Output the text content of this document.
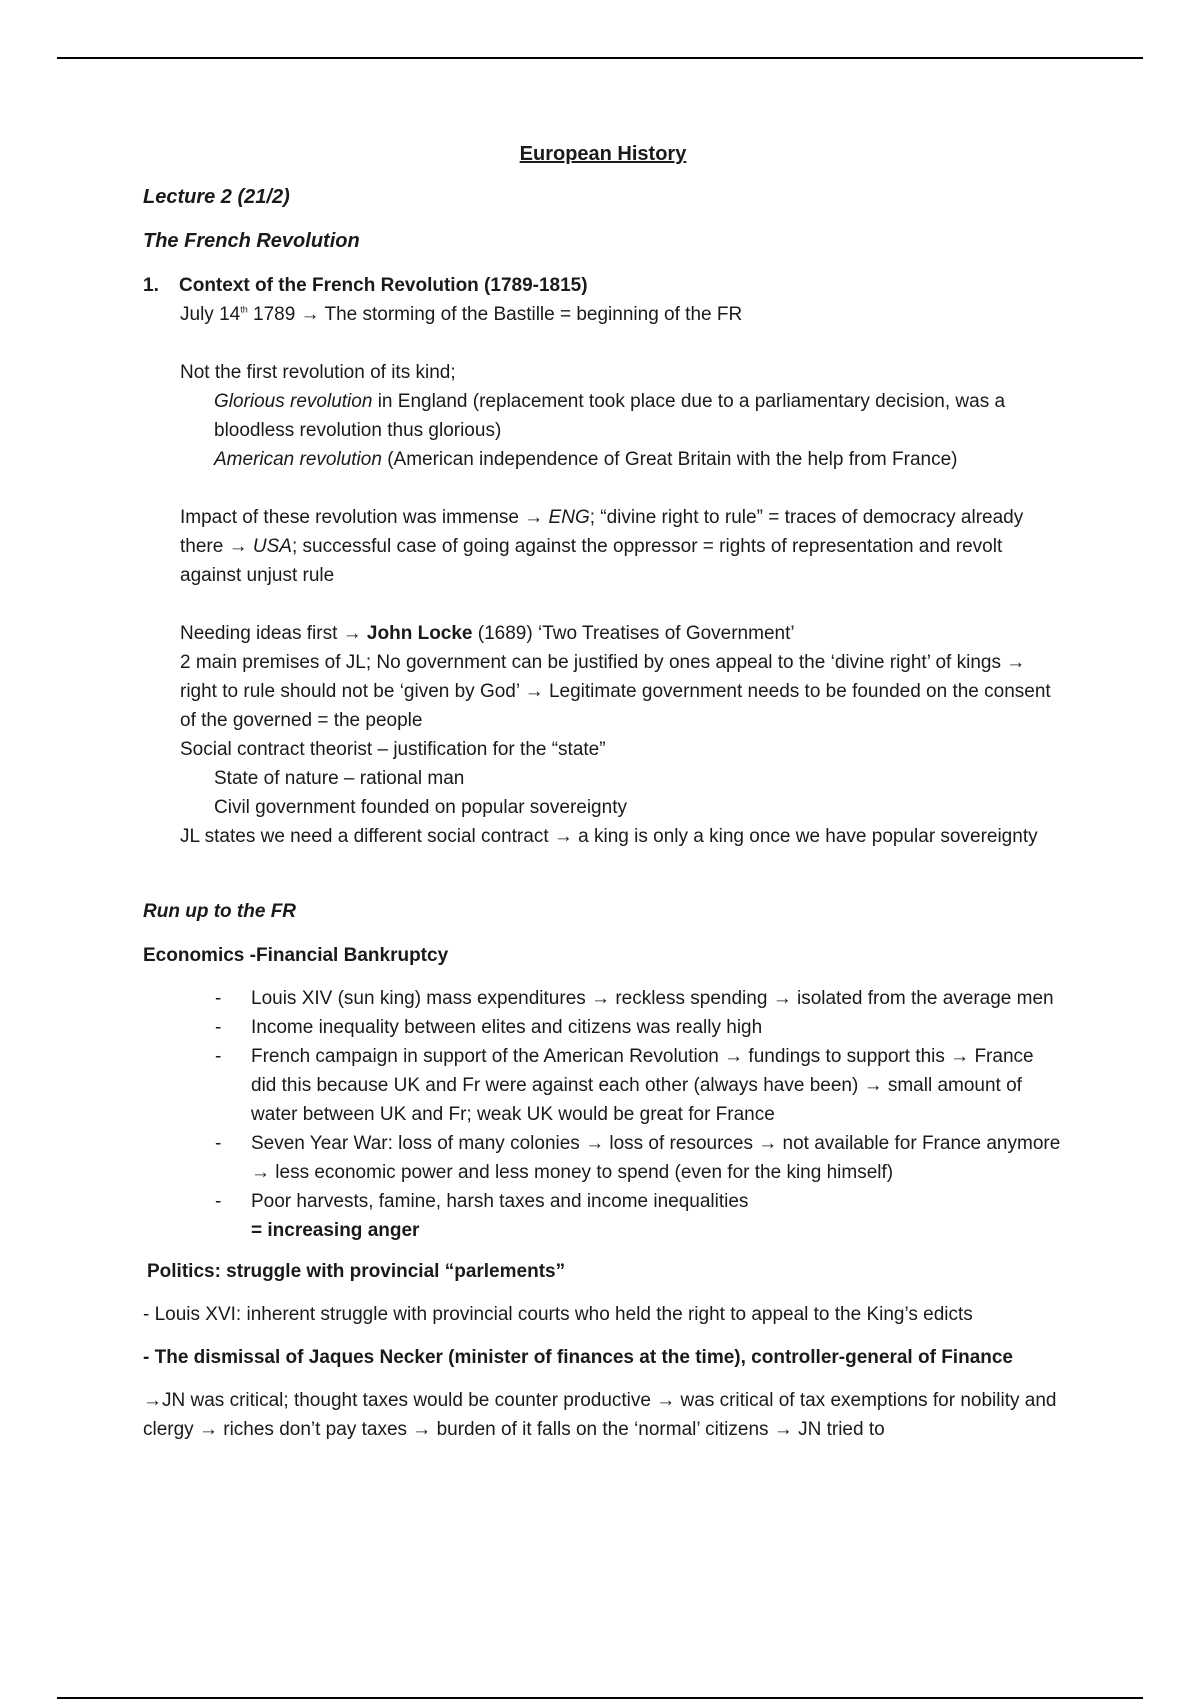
European History
Lecture 2 (21/2)
The French Revolution
1.	Context of the French Revolution (1789-1815)
July 14th 1789 → The storming of the Bastille = beginning of the FR
Not the first revolution of its kind;
Glorious revolution in England (replacement took place due to a parliamentary decision, was a bloodless revolution thus glorious)
American revolution (American independence of Great Britain with the help from France)
Impact of these revolution was immense → ENG; “divine right to rule” = traces of democracy already there → USA; successful case of going against the oppressor = rights of representation and revolt against unjust rule
Needing ideas first → John Locke (1689) ‘Two Treatises of Government’
2 main premises of JL; No government can be justified by ones appeal to the ‘divine right’ of kings → right to rule should not be ‘given by God’ → Legitimate government needs to be founded on the consent of the governed = the people
Social contract theorist – justification for the “state”
State of nature – rational man
Civil government founded on popular sovereignty
JL states we need a different social contract → a king is only a king once we have popular sovereignty
Run up to the FR
Economics -Financial Bankruptcy
- Louis XIV (sun king) mass expenditures → reckless spending → isolated from the average men
- Income inequality between elites and citizens was really high
- French campaign in support of the American Revolution → fundings to support this → France did this because UK and Fr were against each other (always have been) → small amount of water between UK and Fr; weak UK would be great for France
- Seven Year War: loss of many colonies → loss of resources → not available for France anymore → less economic power and less money to spend (even for the king himself)
- Poor harvests, famine, harsh taxes and income inequalities
= increasing anger
Politics: struggle with provincial “parlements”
- Louis XVI: inherent struggle with provincial courts who held the right to appeal to the King’s edicts
- The dismissal of Jaques Necker (minister of finances at the time), controller-general of Finance
→JN was critical; thought taxes would be counter productive → was critical of tax exemptions for nobility and clergy → riches don’t pay taxes → burden of it falls on the ‘normal’ citizens → JN tried to
